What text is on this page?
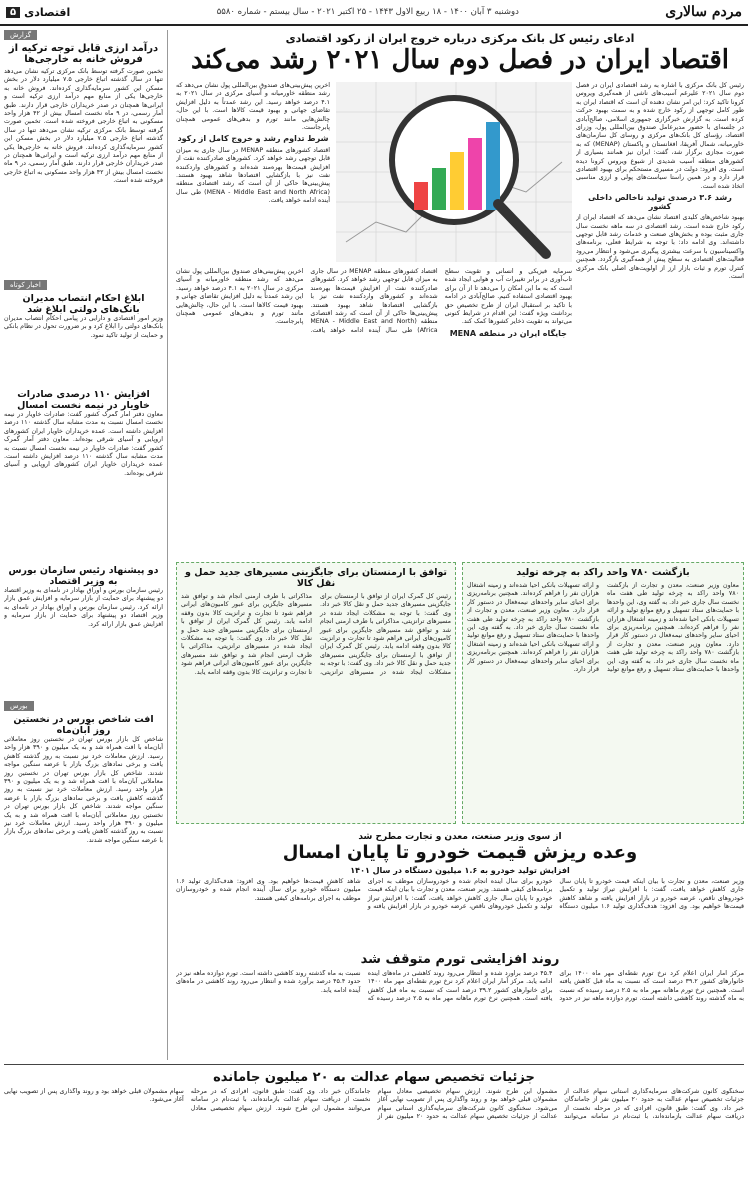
مردم سالاری
دوشنبه ۳ آبان ۱۴۰۰ - ۱۸ ربیع الاول ۱۴۴۳ - ۲۵ اکتبر ۲۰۲۱ - سال بیستم - شماره ۵۵۸۰
۵ اقتصادی
ادعای رئیس کل بانک مرکزی درباره خروج ایران از رکود اقتصادی
اقتصاد ایران در فصل دوم سال ۲۰۲۱ رشد می‌کند
رئیس کل بانک مرکزی با اشاره به رشد اقتصادی ایران در فصل دوم سال ۲۰۲۱ علیرغم آسیب‌های ناشی از همه‌گیری ویروس کرونا تاکید کرد: این امر نشان دهنده آن است که اقتصاد ایران به طور کامل توجهی از رکود خارج شده و به سمت بهبود حرکت کرده است. به گزارش خبرگزاری جمهوری اسلامی، صالح‌آبادی در جلسه‌ای با حضور مدیرعامل صندوق بین‌المللی پول، وزرای اقتصاد، رؤسای کل بانک‌های مرکزی و روسای کل سازمان‌های خاورمیانه، شمال آفریقا، افغانستان و پاکستان (MENAP) که به صورت مجازی برگزار شد، گفت: ایران نیز همانند بسیاری از کشورهای منطقه آسیب شدیدی از شیوع ویروس کرونا دیده است. وی افزود: دولت در مسیری مستحکم برای بهبود اقتصادی قرار دارد و در همین راستا سیاست‌های پولی و ارزی مناسبی اتخاذ شده است.
رشد ۳.۶ درصدی تولید ناخالص داخلی کشور
بهبود شاخص‌های کلیدی اقتصاد نشان می‌دهد که اقتصاد ایران از رکود خارج شده است. رشد اقتصادی در سه ماهه نخست سال جاری مثبت بوده و بخش‌های صنعت و خدمات رشد قابل توجهی داشته‌اند. وی ادامه داد: با توجه به شرایط فعلی، برنامه‌های واکسیناسیون با سرعت بیشتری پیگیری می‌شود و انتظار می‌رود فعالیت‌های اقتصادی به سطح پیش از همه‌گیری بازگردد. همچنین کنترل تورم و ثبات بازار ارز از اولویت‌های اصلی بانک مرکزی است.
آخرین پیش‌بینی‌های صندوق بین‌المللی پول نشان می‌دهد که رشد منطقه خاورمیانه و آسیای مرکزی در سال ۲۰۲۱ به ۴.۱ درصد خواهد رسید. این رشد عمدتاً به دلیل افزایش تقاضای جهانی و بهبود قیمت کالاها است. با این حال، چالش‌هایی مانند تورم و بدهی‌های عمومی همچنان پابرجاست.
شرط تداوم رشد و خروج کامل از رکود
اقتصاد کشورهای منطقه MENAP در سال جاری به میزان قابل توجهی رشد خواهد کرد. کشورهای صادرکننده نفت از افزایش قیمت‌ها بهره‌مند شده‌اند و کشورهای واردکننده نفت نیز با بازگشایی اقتصادها شاهد بهبود هستند. پیش‌بینی‌ها حاکی از آن است که رشد اقتصادی منطقه (MENA - Middle East and North Africa) طی سال آینده ادامه خواهد یافت.
سرمایه فیزیکی و انسانی و تقویت سطح تاب‌آوری در برابر تغییرات آب و هوایی ایجاد شده است که به ما این امکان را می‌دهد تا از آن برای بهبود اقتصادی استفاده کنیم. صالح‌آبادی در ادامه با تاکید بر استقبال ایران از طرح تخصیص حق برداشت ویژه گفت: این اقدام در شرایط کنونی می‌تواند به تقویت ذخایر کشورها کمک کند.
جایگاه ایران در منطقه MENA
اقتصاد کشورهای منطقه MENAP در سال جاری به میزان قابل توجهی رشد خواهد کرد. کشورهای صادرکننده نفت از افزایش قیمت‌ها بهره‌مند شده‌اند و کشورهای واردکننده نفت نیز با بازگشایی اقتصادها شاهد بهبود هستند. پیش‌بینی‌ها حاکی از آن است که رشد اقتصادی منطقه (MENA - Middle East and North Africa) طی سال آینده ادامه خواهد یافت. آخرین پیش‌بینی‌های صندوق بین‌المللی پول نشان می‌دهد که رشد منطقه خاورمیانه و آسیای مرکزی در سال ۲۰۲۱ به ۴.۱ درصد خواهد رسید. این رشد عمدتاً به دلیل افزایش تقاضای جهانی و بهبود قیمت کالاها است. با این حال، چالش‌هایی مانند تورم و بدهی‌های عمومی همچنان پابرجاست.
بازگشت ۷۸۰ واحد راکد به چرخه تولید
معاون وزیر صنعت، معدن و تجارت از بازگشت ۷۸۰ واحد راکد به چرخه تولید طی هفت ماه نخست سال جاری خبر داد. به گفته وی، این واحدها با حمایت‌های ستاد تسهیل و رفع موانع تولید و ارائه تسهیلات بانکی احیا شده‌اند و زمینه اشتغال هزاران نفر را فراهم کرده‌اند. همچنین برنامه‌ریزی برای احیای سایر واحدهای نیمه‌فعال در دستور کار قرار دارد. معاون وزیر صنعت، معدن و تجارت از بازگشت ۷۸۰ واحد راکد به چرخه تولید طی هفت ماه نخست سال جاری خبر داد. به گفته وی، این واحدها با حمایت‌های ستاد تسهیل و رفع موانع تولید و ارائه تسهیلات بانکی احیا شده‌اند و زمینه اشتغال هزاران نفر را فراهم کرده‌اند. همچنین برنامه‌ریزی برای احیای سایر واحدهای نیمه‌فعال در دستور کار قرار دارد. معاون وزیر صنعت، معدن و تجارت از بازگشت ۷۸۰ واحد راکد به چرخه تولید طی هفت ماه نخست سال جاری خبر داد. به گفته وی، این واحدها با حمایت‌های ستاد تسهیل و رفع موانع تولید و ارائه تسهیلات بانکی احیا شده‌اند و زمینه اشتغال هزاران نفر را فراهم کرده‌اند. همچنین برنامه‌ریزی برای احیای سایر واحدهای نیمه‌فعال در دستور کار قرار دارد.
توافق با ارمنستان برای جایگزینی مسیرهای جدید حمل و نقل کالا
رئیس کل گمرک ایران از توافق با ارمنستان برای جایگزینی مسیرهای جدید حمل و نقل کالا خبر داد. وی گفت: با توجه به مشکلات ایجاد شده در مسیرهای ترانزیتی، مذاکراتی با طرف ارمنی انجام شد و توافق شد مسیرهای جایگزین برای عبور کامیون‌های ایرانی فراهم شود تا تجارت و ترانزیت کالا بدون وقفه ادامه یابد. رئیس کل گمرک ایران از توافق با ارمنستان برای جایگزینی مسیرهای جدید حمل و نقل کالا خبر داد. وی گفت: با توجه به مشکلات ایجاد شده در مسیرهای ترانزیتی، مذاکراتی با طرف ارمنی انجام شد و توافق شد مسیرهای جایگزین برای عبور کامیون‌های ایرانی فراهم شود تا تجارت و ترانزیت کالا بدون وقفه ادامه یابد. رئیس کل گمرک ایران از توافق با ارمنستان برای جایگزینی مسیرهای جدید حمل و نقل کالا خبر داد. وی گفت: با توجه به مشکلات ایجاد شده در مسیرهای ترانزیتی، مذاکراتی با طرف ارمنی انجام شد و توافق شد مسیرهای جایگزین برای عبور کامیون‌های ایرانی فراهم شود تا تجارت و ترانزیت کالا بدون وقفه ادامه یابد.
از سوی وزیر صنعت، معدن و تجارت مطرح شد
وعده ریزش قیمت خودرو تا پایان امسال
افزایش تولید خودرو به ۱.۶ میلیون دستگاه در سال ۱۴۰۱
وزیر صنعت، معدن و تجارت با بیان اینکه قیمت خودرو تا پایان سال جاری کاهش خواهد یافت، گفت: با افزایش تیراژ تولید و تکمیل خودروهای ناقص، عرضه خودرو در بازار افزایش یافته و شاهد کاهش قیمت‌ها خواهیم بود. وی افزود: هدف‌گذاری تولید ۱.۶ میلیون دستگاه خودرو برای سال آینده انجام شده و خودروسازان موظف به اجرای برنامه‌های کیفی هستند. وزیر صنعت، معدن و تجارت با بیان اینکه قیمت خودرو تا پایان سال جاری کاهش خواهد یافت، گفت: با افزایش تیراژ تولید و تکمیل خودروهای ناقص، عرضه خودرو در بازار افزایش یافته و شاهد کاهش قیمت‌ها خواهیم بود. وی افزود: هدف‌گذاری تولید ۱.۶ میلیون دستگاه خودرو برای سال آینده انجام شده و خودروسازان موظف به اجرای برنامه‌های کیفی هستند.
روند افزایشی تورم متوقف شد
مرکز آمار ایران اعلام کرد نرخ تورم نقطه‌ای مهر ماه ۱۴۰۰ برای خانوارهای کشور ۳۹.۲ درصد است که نسبت به ماه قبل کاهش یافته است. همچنین نرخ تورم ماهانه مهر ماه به ۲.۵ درصد رسیده که نسبت به ماه گذشته روند کاهشی داشته است. تورم دوازده ماهه نیز در حدود ۴۵.۴ درصد برآورد شده و انتظار می‌رود روند کاهشی در ماه‌های آینده ادامه یابد. مرکز آمار ایران اعلام کرد نرخ تورم نقطه‌ای مهر ماه ۱۴۰۰ برای خانوارهای کشور ۳۹.۲ درصد است که نسبت به ماه قبل کاهش یافته است. همچنین نرخ تورم ماهانه مهر ماه به ۲.۵ درصد رسیده که نسبت به ماه گذشته روند کاهشی داشته است. تورم دوازده ماهه نیز در حدود ۴۵.۴ درصد برآورد شده و انتظار می‌رود روند کاهشی در ماه‌های آینده ادامه یابد.
جزئیات تخصیص سهام عدالت به ۲۰ میلیون جامانده
سخنگوی کانون شرکت‌های سرمایه‌گذاری استانی سهام عدالت از جزئیات تخصیص سهام عدالت به حدود ۲۰ میلیون نفر از جاماندگان خبر داد. وی گفت: طبق قانون، افرادی که در مرحله نخست از دریافت سهام عدالت بازمانده‌اند، با ثبت‌نام در سامانه می‌توانند مشمول این طرح شوند. ارزش سهام تخصیصی معادل سهام مشمولان قبلی خواهد بود و روند واگذاری پس از تصویب نهایی آغاز می‌شود. سخنگوی کانون شرکت‌های سرمایه‌گذاری استانی سهام عدالت از جزئیات تخصیص سهام عدالت به حدود ۲۰ میلیون نفر از جاماندگان خبر داد. وی گفت: طبق قانون، افرادی که در مرحله نخست از دریافت سهام عدالت بازمانده‌اند، با ثبت‌نام در سامانه می‌توانند مشمول این طرح شوند. ارزش سهام تخصیصی معادل سهام مشمولان قبلی خواهد بود و روند واگذاری پس از تصویب نهایی آغاز می‌شود.
گزارش
درآمد ارزی قابل توجه ترکیه از فروش خانه به خارجی‌ها
تخمین صورت گرفته توسط بانک مرکزی ترکیه نشان می‌دهد تنها در سال گذشته اتباع خارجی ۷.۵ میلیارد دلار در بخش مسکن این کشور سرمایه‌گذاری کرده‌اند. فروش خانه به خارجی‌ها یکی از منابع مهم درآمد ارزی ترکیه است و ایرانی‌ها همچنان در صدر خریداران خارجی قرار دارند. طبق آمار رسمی، در ۹ ماه نخست امسال بیش از ۴۲ هزار واحد مسکونی به اتباع خارجی فروخته شده است. تخمین صورت گرفته توسط بانک مرکزی ترکیه نشان می‌دهد تنها در سال گذشته اتباع خارجی ۷.۵ میلیارد دلار در بخش مسکن این کشور سرمایه‌گذاری کرده‌اند. فروش خانه به خارجی‌ها یکی از منابع مهم درآمد ارزی ترکیه است و ایرانی‌ها همچنان در صدر خریداران خارجی قرار دارند. طبق آمار رسمی، در ۹ ماه نخست امسال بیش از ۴۲ هزار واحد مسکونی به اتباع خارجی فروخته شده است.
اخبار کوتاه
ابلاغ احکام انتصاب مدیران بانک‌های دولتی ابلاغ شد
وزیر امور اقتصادی و دارایی در پیامی احکام انتصاب مدیران بانک‌های دولتی را ابلاغ کرد و بر ضرورت تحول در نظام بانکی و حمایت از تولید تاکید نمود.
افزایش ۱۱۰ درصدی صادرات خاویار در نیمه نخست امسال
معاون دفتر آمار گمرک کشور گفت: صادرات خاویار در نیمه نخست امسال نسبت به مدت مشابه سال گذشته ۱۱۰ درصد افزایش داشته است. عمده خریداران خاویار ایران کشورهای اروپایی و آسیای شرقی بوده‌اند. معاون دفتر آمار گمرک کشور گفت: صادرات خاویار در نیمه نخست امسال نسبت به مدت مشابه سال گذشته ۱۱۰ درصد افزایش داشته است. عمده خریداران خاویار ایران کشورهای اروپایی و آسیای شرقی بوده‌اند.
دو پیشنهاد رئیس سازمان بورس به وزیر اقتصاد
رئیس سازمان بورس و اوراق بهادار در نامه‌ای به وزیر اقتصاد دو پیشنهاد برای حمایت از بازار سرمایه و افزایش عمق بازار ارائه کرد. رئیس سازمان بورس و اوراق بهادار در نامه‌ای به وزیر اقتصاد دو پیشنهاد برای حمایت از بازار سرمایه و افزایش عمق بازار ارائه کرد.
بورس
افت شاخص بورس در نخستین روز آبان‌ماه
شاخص کل بازار بورس تهران در نخستین روز معاملاتی آبان‌ماه با افت همراه شد و به یک میلیون و ۳۹۰ هزار واحد رسید. ارزش معاملات خرد نیز نسبت به روز گذشته کاهش یافت و برخی نمادهای بزرگ بازار با عرضه سنگین مواجه شدند. شاخص کل بازار بورس تهران در نخستین روز معاملاتی آبان‌ماه با افت همراه شد و به یک میلیون و ۳۹۰ هزار واحد رسید. ارزش معاملات خرد نیز نسبت به روز گذشته کاهش یافت و برخی نمادهای بزرگ بازار با عرضه سنگین مواجه شدند. شاخص کل بازار بورس تهران در نخستین روز معاملاتی آبان‌ماه با افت همراه شد و به یک میلیون و ۳۹۰ هزار واحد رسید. ارزش معاملات خرد نیز نسبت به روز گذشته کاهش یافت و برخی نمادهای بزرگ بازار با عرضه سنگین مواجه شدند.
